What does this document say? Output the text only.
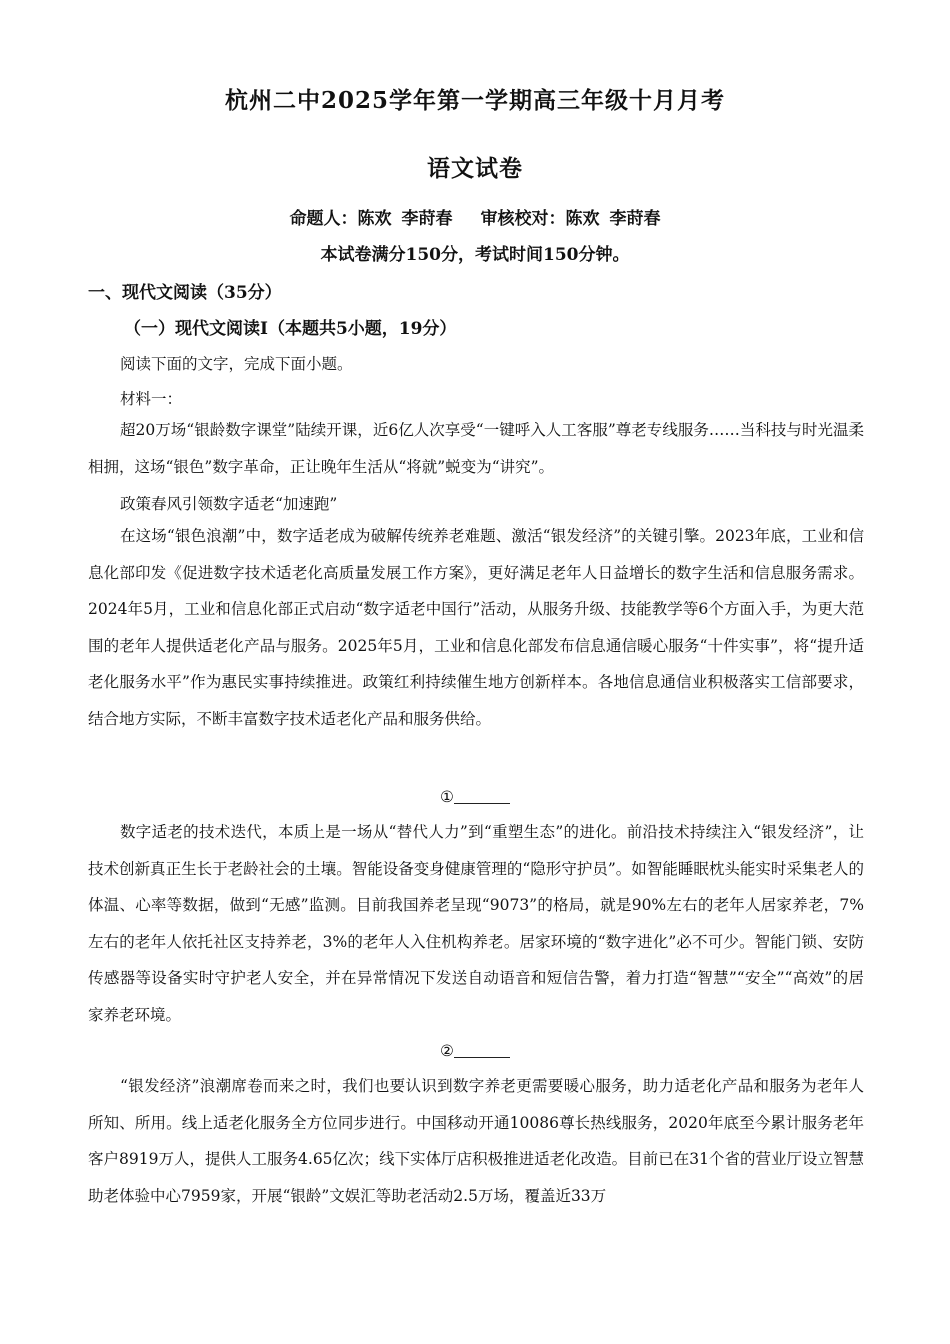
杭州二中2025学年第一学期高三年级十月月考
语文试卷
命题人：陈欢 李莳春 审核校对：陈欢 李莳春
本试卷满分150分，考试时间150分钟。
一、现代文阅读（35分）
（一）现代文阅读Ⅰ（本题共5小题，19分）
阅读下面的文字，完成下面小题。
材料一：
超20万场“银龄数字课堂”陆续开课，近6亿人次享受“一键呼入人工客服”尊老专线服务……当科技与时光温柔相拥，这场“银色”数字革命，正让晚年生活从“将就”蜕变为“讲究”。
政策春风引领数字适老“加速跑”
在这场“银色浪潮”中，数字适老成为破解传统养老难题、激活“银发经济”的关键引擎。2023年底，工业和信息化部印发《促进数字技术适老化高质量发展工作方案》，更好满足老年人日益增长的数字生活和信息服务需求。2024年5月，工业和信息化部正式启动“数字适老中国行”活动，从服务升级、技能教学等6个方面入手，为更大范围的老年人提供适老化产品与服务。2025年5月，工业和信息化部发布信息通信暖心服务“十件实事”，将“提升适老化服务水平”作为惠民实事持续推进。政策红利持续催生地方创新样本。各地信息通信业积极落实工信部要求，结合地方实际，不断丰富数字技术适老化产品和服务供给。
①
数字适老的技术迭代，本质上是一场从“替代人力”到“重塑生态”的进化。前沿技术持续注入“银发经济”，让技术创新真正生长于老龄社会的土壤。智能设备变身健康管理的“隐形守护员”。如智能睡眠枕头能实时采集老人的体温、心率等数据，做到“无感”监测。目前我国养老呈现“9073”的格局，就是90%左右的老年人居家养老，7%左右的老年人依托社区支持养老，3%的老年人入住机构养老。居家环境的“数字进化”必不可少。智能门锁、安防传感器等设备实时守护老人安全，并在异常情况下发送自动语音和短信告警，着力打造“智慧”“安全”“高效”的居家养老环境。
②
“银发经济”浪潮席卷而来之时，我们也要认识到数字养老更需要暖心服务，助力适老化产品和服务为老年人所知、所用。线上适老化服务全方位同步进行。中国移动开通10086尊长热线服务，2020年底至今累计服务老年客户8919万人，提供人工服务4.65亿次；线下实体厅店积极推进适老化改造。目前已在31个省的营业厅设立智慧助老体验中心7959家，开展“银龄”文娱汇等助老活动2.5万场，覆盖近33万
